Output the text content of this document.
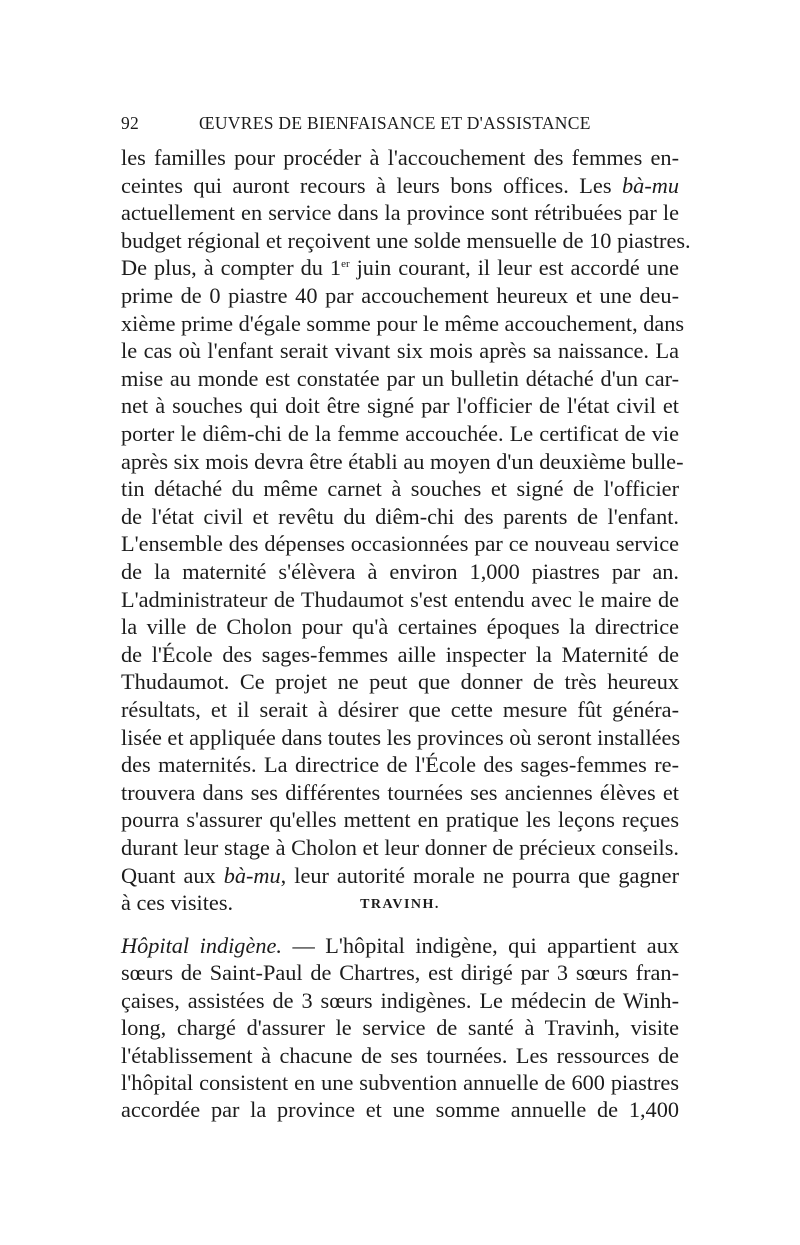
92	ŒUVRES DE BIENFAISANCE ET D'ASSISTANCE
les familles pour procéder à l'accouchement des femmes en-
ceintes qui auront recours à leurs bons offices. Les bà-mu
actuellement en service dans la province sont rétribuées par le
budget régional et reçoivent une solde mensuelle de 10 piastres.
De plus, à compter du 1er juin courant, il leur est accordé une
prime de 0 piastre 40 par accouchement heureux et une deu-
xième prime d'égale somme pour le même accouchement, dans
le cas où l'enfant serait vivant six mois après sa naissance. La
mise au monde est constatée par un bulletin détaché d'un car-
net à souches qui doit être signé par l'officier de l'état civil et
porter le diêm-chi de la femme accouchée. Le certificat de vie
après six mois devra être établi au moyen d'un deuxième bulle-
tin détaché du même carnet à souches et signé de l'officier
de l'état civil et revêtu du diêm-chi des parents de l'enfant.
L'ensemble des dépenses occasionnées par ce nouveau service
de la maternité s'élèvera à environ 1,000 piastres par an.
L'administrateur de Thudaumot s'est entendu avec le maire de
la ville de Cholon pour qu'à certaines époques la directrice
de l'École des sages-femmes aille inspecter la Maternité de
Thudaumot. Ce projet ne peut que donner de très heureux
résultats, et il serait à désirer que cette mesure fût généra-
lisée et appliquée dans toutes les provinces où seront installées
des maternités. La directrice de l'École des sages-femmes re-
trouvera dans ses différentes tournées ses anciennes élèves et
pourra s'assurer qu'elles mettent en pratique les leçons reçues
durant leur stage à Cholon et leur donner de précieux conseils.
Quant aux bà-mu, leur autorité morale ne pourra que gagner
à ces visites.	TRAVINH.
Hôpital indigène. — L'hôpital indigène, qui appartient aux
sœurs de Saint-Paul de Chartres, est dirigé par 3 sœurs fran-
çaises, assistées de 3 sœurs indigènes. Le médecin de Winh-
long, chargé d'assurer le service de santé à Travinh, visite
l'établissement à chacune de ses tournées. Les ressources de
l'hôpital consistent en une subvention annuelle de 600 piastres
accordée par la province et une somme annuelle de 1,400
